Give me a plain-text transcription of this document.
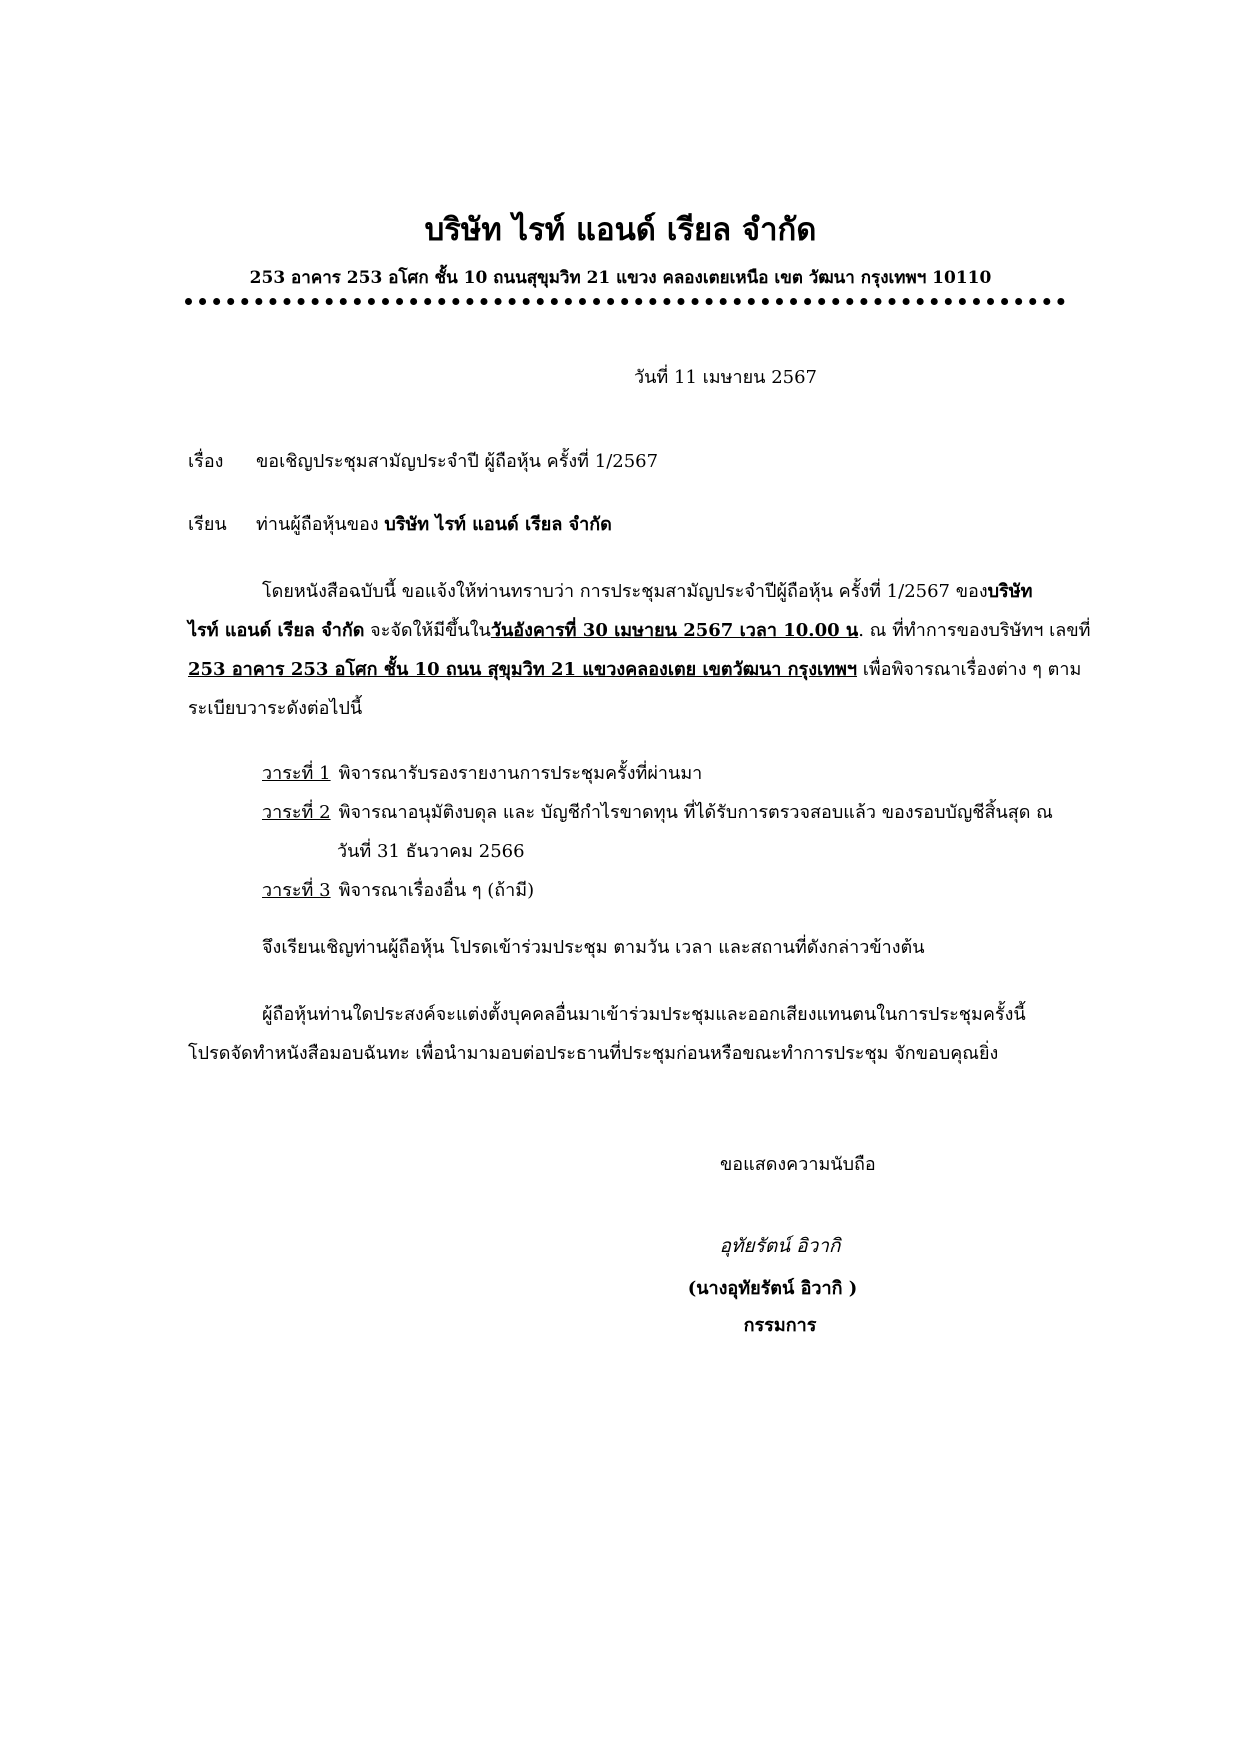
บริษัท ไรท์ แอนด์ เรียล จำกัด
253 อาคาร 253 อโศก ชั้น 10 ถนนสุขุมวิท 21 แขวง คลองเตยเหนือ เขต วัฒนา กรุงเทพฯ 10110
วันที่ 11 เมษายน 2567
เรื่อง ขอเชิญประชุมสามัญประจำปี ผู้ถือหุ้น ครั้งที่ 1/2567
เรียน ท่านผู้ถือหุ้นของ บริษัท ไรท์ แอนด์ เรียล จำกัด
โดยหนังสือฉบับนี้ ขอแจ้งให้ท่านทราบว่า การประชุมสามัญประจำปีผู้ถือหุ้น ครั้งที่ 1/2567 ของบริษัท
ไรท์ แอนด์ เรียล จำกัด จะจัดให้มีขึ้นในวันอังคารที่ 30 เมษายน 2567 เวลา 10.00 น. ณ ที่ทำการของบริษัทฯ เลขที่
253 อาคาร 253 อโศก ชั้น 10 ถนน สุขุมวิท 21 แขวงคลองเตย เขตวัฒนา กรุงเทพฯ เพื่อพิจารณาเรื่องต่าง ๆ ตาม
ระเบียบวาระดังต่อไปนี้
วาระที่ 1 พิจารณารับรองรายงานการประชุมครั้งที่ผ่านมา
วาระที่ 2 พิจารณาอนุมัติงบดุล และ บัญชีกำไรขาดทุน ที่ได้รับการตรวจสอบแล้ว ของรอบบัญชีสิ้นสุด ณ
วันที่ 31 ธันวาคม 2566
วาระที่ 3 พิจารณาเรื่องอื่น ๆ (ถ้ามี)
จึงเรียนเชิญท่านผู้ถือหุ้น โปรดเข้าร่วมประชุม ตามวัน เวลา และสถานที่ดังกล่าวข้างต้น
ผู้ถือหุ้นท่านใดประสงค์จะแต่งตั้งบุคคลอื่นมาเข้าร่วมประชุมและออกเสียงแทนตนในการประชุมครั้งนี้
โปรดจัดทำหนังสือมอบฉันทะ เพื่อนำมามอบต่อประธานที่ประชุมก่อนหรือขณะทำการประชุม จักขอบคุณยิ่ง
ขอแสดงความนับถือ
อุทัยรัตน์ อิวากิ
(นางอุทัยรัตน์ อิวากิ )
กรรมการ
